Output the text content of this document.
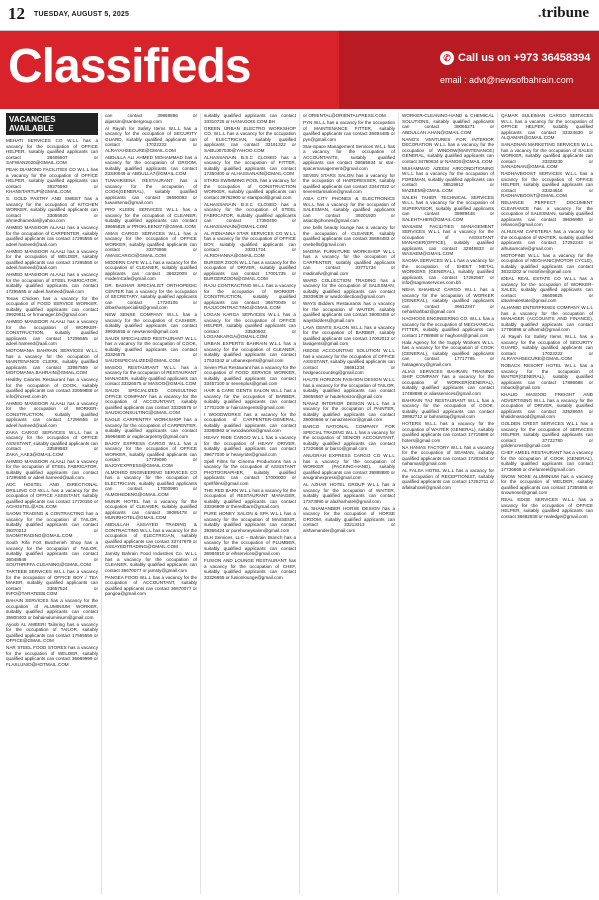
12 TUESDAY, AUGUST 5, 2025	.tribune
Classifieds	✆ Call us on +973 36458394
email : advt@newsofbahrain.com
VACANCIES AVAILABLE

MEHATI SERVICES CO W.L.L has a vacancy for the occupation of OFFICE HELPER, suitably qualified applicants can contact 38405507 or SAFWAN2020@GMAIL.COM

PEAK DIAMOND FACILITIES CO W.L.L has a vacancy for the occupation of OFFICE HELPER, suitably qualified applicants can contact 39375593 or KHANSTARTUP@GMAIL.COM

S. GOLD PASTRY AND SWEET has a vacancy for the occupation of KITCHEN WORKER, suitably qualified applicants can contact 33055920 or ahmedhamedal@yahoo.com

AHMED MANSOOR ALAALI has a vacancy for the occupation of CARPENTER, suitably qualified applicants can contact 17295555 or adeel.hameed@aali.com

AHMED MANSOOR ALAALI has a vacancy for the occupation of WELDER, suitably qualified applicants can contact 17295555 or adeel.hameed@aali.com

AHMED MANSOOR ALAALI has a vacancy for the occupation of STEEL FABRICATOR, suitably qualified applicants can contact 17295555 or adeel.hameed@aali.com

Texas Chicken has a vacancy for the occupation of FOOD SERVICE WORKER, suitably qualified applicants can contact 39929911 or hrmanager.bh@gmail.com

AHMED MANSOOR ALAALI has a vacancy for the occupation of WORKER-CONSTRUCTION, suitably qualified applicants can contact 17295555 or adeel.hameed@aali.com

MOTOMANIA BAHRAIN SERVICES W.L.L has a vacancy for the occupation of MAINTENANCE CLERK, suitably qualified applicants can contact 33987559 or MOTOMANIA.BAHRAIN@GMAIL.COM

Healthy Calories Restaurant has a vacancy for the occupation of COOK, suitably qualified applicants can contact 33959888 or info@hcrest.com.bh

AHMED MANSOOR ALAALI has a vacancy for the occupation of WORKER-CONSTRUCTION, suitably qualified applicants can contact 17295555 or adeel.hameed@aali.com

ZAKA CARGO SERVICES W.L.L has a vacancy for the occupation of OFFICE ASSISTANT, suitably qualified applicants can contact 33599583 or ZAKA_AAE3@GMAIL.COM

AHMED MANSOOR ALAALI has a vacancy for the occupation of STEEL FABRICATOR, suitably qualified applicants can contact 17295555 or adeel.hameed@aali.com

ADC HOSTEL AND DIRECTIONAL DRILLING CO W.L.L has a vacancy for the occupation of OFFICE ASSISTANT, suitably qualified applicants can contact 17720150 or ACHOSTEL@AOL.COM

SAOMI TRADING & CONTRACTING has a vacancy for the occupation of TAILOR, suitably qualified applicants can contact 39370212 or SAOMITRADING@GMAIL.COM

South Rifa Fort Butcherieh Shop has a vacancy for the occupation of TAILOR, suitably qualified applicants can contact 36048949 or SOUTHRIFFA.CLEANING@GMAIL.COM

TARTEEB SERVICES W.L.L has a vacancy for the occupation of OFFICE BOY / TEA MAKER, suitably qualified applicants can contact 33657524 or INFO@TARATEEB.COM

BAHAIN SERVICES has a vacancy for the occupation of ALUMINIUM WORKER, suitably qualified applicants can contact 35800403 or bahainaluminium@gmail.com

Ayoob AL AMEERI Tailoring has a vacancy for the occupation of TAILOR, suitably qualified applicants can contact 17555555 or OFFICE@GMAIL.COM

NAR STEEL FOOD STORES has a vacancy for the occupation of WELDER, suitably qualified applicants can contact 36669999 or FLASLUNIO@HOTMAIL.COM

can contact 39868886 or aljassim@sanbergroup.com

Al Rayah for Safety Items W.L.L has a vacancy for the occupation of SECURITY GUARD, suitably qualified applicants can contact 17022222 or ALRAYAHSECURE@GMAIL.COM

ABDULLA ALI AHMED MOHAMMAD has a vacancy for the occupation of GROOM, suitably qualified applicants can contact 33340049 or ABDULLA7@GMAIL.COM

TUWAIRSENA RESTAURANT has a vacancy for the occupation of COOK(GENERAL), suitably qualified applicants can contact 36690093 or tuwairsena@gmail.com

PRO KLEEN SERVICES W.L.L has a vacancy for the occupation of CLEANER, suitably qualified applicants can contact 39665825 or PROKLEEN377@GMAIL.COM

AMAS CARGO SERVICES W.L.L has a vacancy for the occupation of OFFICE WORKER, suitably qualified applicants can contact 33376868 or AMASCARGO@GMAIL.COM

MODERN CAFE W.L.L has a vacancy for the occupation of CLEANER, suitably qualified applicants can contact 36622009 or modernCafe@gmail.com

DR. BASHAR SPECIALIST ORTHOPEDIC CENTER has a vacancy for the occupation of SECRETARY, suitably qualified applicants can contact 17720105 or drbasharspecialist@gmail.com

NEW SENSE COMPANY W.L.L has a vacancy for the occupation of CASHIER, suitably qualified applicants can contact 39935555 or newsense@gmail.com

SAUDI SPECIALIZED RESTAURANT W.L.L has a vacancy for the occupation of COOK, suitably qualified applicants can contact 33326575 or SAUDISPECIALIZED@GMAIL.COM

MASOO RESTAURANT W.L.L has a vacancy for the occupation of RESTAURANT MANAGER, suitably qualified applicants can contact 33326575 or MASOO@GMAIL.COM

SAUDI SPECIALIZED CONSULTING OFFICE COMPANY has a vacancy for the occupation of ACCOUNTANT, suitably qualified applicants can contact 33326575 or SAUDICONSULTING@GMAIL.COM

EAGLE CARPENTRY WORKSHOP has a vacancy for the occupation of CARPENTER, suitably qualified applicants can contact 36966680 or eaglecarpentry@gmail.com

BAJOY EXPRESS CARGO W.L.L has a vacancy for the occupation of OFFICE WORKER, suitably qualified applicants can contact 17739090 or BAJOYEXPRESS@GMAIL.COM

ALMOHED ENGINEERING SERVICES CO has a vacancy for the occupation of ELECTRICIAN, suitably qualified applicants can contact 17000990 or ALMOHEDENG@GMAIL.COM

MUNIR HOTEL has a vacancy for the occupation of CLEANER, suitably qualified applicants can contact 39085478 or MUNIRHOTEL@GMAIL.COM

ABDULLAH ASSAYED TRADING & CONTRACTING W.L.L has a vacancy for the occupation of ELECTRICIAN, suitably qualified applicants can contact 33747979 or ASSAYEDTRADING@GMAIL.COM

Jamsty Bahrain Food Industries Co. W.L.L has a vacancy for the occupation of CLEANER, suitably qualified applicants can contact 36670077 or jamsty@gmail.com

PANGEA FOOD W.L.L has a vacancy for the occupation of ACCOUNTANT, suitably qualified applicants can contact 36670077 or pangea@gmail.com

suitably qualified applicants can contact 33310725 or HANAGOIS.COM.BH

GREEN URBAN ELECTRO WORKSHOP CO. W.L.L has a vacancy for the occupation of ELECTRICIAN, suitably qualified applicants can contact 33161322 or SABUJ07030@YAHOO.COM

ALHASSANAIN B.S.C CLOSED has a vacancy for the occupation of FITTER, suitably qualified applicants can contact 17350400 or ALHASSANAIN@GMAIL.COM

STARS SWIMMING POOL has a vacancy for the occupation of CONSTRUCTION WORKER, suitably qualified applicants can contact 39762900 or starspool@gmail.com

ALHASSANAIN B.S.C CLOSED has a vacancy for the occupation of STEEL FABRICATOR, suitably qualified applicants can contact 17350400 or ALHASSANAIN@GMAIL.COM

AL RIDHANNA STAR SERVICES CO W.L.L has a vacancy for the occupation of OFFICE BOY, suitably qualified applicants can contact 33331724 or ALRIDHANNA@GMAIL.COM

BURGER ZOON W.L.L has a vacancy for the occupation of DRIVER, suitably qualified applicants can contact 17001735 or BURGERZOON@GMAIL.COM

RAJU CONTRACTING W.L.L has a vacancy for the occupation of WORKER-CONSTRUCTION, suitably qualified applicants can contact 36670049 or RAJUCONTRACTING@GMAIL.COM

LOGAN KARGA SERVICES W.L.L has a vacancy for the occupation of OFFICE HELPER, suitably qualified applicants can contact 33530502 or LOGANKARGA@GMAIL.COM

URBAN EXPERTS BAHRAIN W.L.L has a vacancy for the occupation of CLEANER, suitably qualified applicants can contact 17534342 or urbanexperts@gmail.com

Seven Plus Restaurant has a vacancy for the occupation of FOOD SERVICE WORKER, suitably qualified applicants can contact 33457100 or sevenplus@gmail.com

HAIR & CARE GENTS SALON W.L.L has a vacancy for the occupation of BARBER, suitably qualified applicants can contact 17702109 or haircaregents@gmail.com

I WOODWORKS has a vacancy for the occupation of CARPENTER-GENERAL, suitably qualified applicants can contact 33388962 or iwoodworks@gmail.com

HEAVY RIDE CARGO W.L.L has a vacancy for the occupation of HEAVY DRIVER, suitably qualified applicants can contact 39677030 or heavyride@gmail.com

Spell Films for Cinema Productions has a vacancy for the occupation of ASSISTANT PHOTOGRAPHER, suitably qualified applicants can contact 17000000 or spellfilms@gmail.com

THE RED BARN W.L.L has a vacancy for the occupation of RESTAURANT MANAGER, suitably qualified applicants can contact 33336909 or theredbarn@gmail.com

PURE HONEY SALON & SPA W.L.L has a vacancy for the occupation of MASSEUR, suitably qualified applicants can contact 39366424 or purehoneysalon@gmail.com

ELH Services, LLC – Bahrain Branch has a vacancy for the occupation of PLUMBER, suitably qualified applicants can contact 36984810 or elhservices@gmail.com

FUSION AND LOUNGE RESTAURANT has a vacancy for the occupation of CHEF, suitably qualified applicants can contact 33326655 or fusionlounge@gmail.com

or ORIENTAL@ORIENTALPRESS.COM

PYN W.L.L has a vacancy for the occupation of MAINTENANCE FITTER, suitably qualified applicants can contact 36694485 or pyn@gmail.com

Star-Space Management Services W.L.L has a vacancy for the occupation of ACCOUNTANTS, suitably qualified applicants can contact 36665834 or star-spacemanagement@gmail.com

SEVEN STARS SALON has a vacancy for the occupation of HAIRDRESSER, suitably qualified applicants can contact 33447022 or sevenstarssalon@gmail.com

ASIA CITY PHONES & ELECTRONICS W.L.L has a vacancy for the occupation of SALESMAN, suitably qualified applicants can contact 39201920 or asiacityphones@gmail.com

one bells beauty lounge has a vacancy for the occupation of CLEANER, suitably qualified applicants can contact 36694483 or onebells@gmail.com

MADINA FURNITURE WORKSHOP W.L.L has a vacancy for the occupation of CARPENTER, suitably qualified applicants can contact 33771734 or madinafw@gmail.com

WARD COLLECTION TRADING has a vacancy for the occupation of SALESMAN, suitably qualified applicants can contact 39339639 or wardcollection@gmail.com

WAYS Bidders Restaurants has a vacancy for the occupation of WAITER, suitably qualified applicants can contact 39000456 or waysbidders@gmail.com

LAVA GENTS SALON W.L.L has a vacancy for the occupation of BARBER, suitably qualified applicants can contact 17002013 or lavagents@gmail.com

HEDGE ACCOUNTING SOLUTION W.L.L has a vacancy for the occupation of OFFICE ASSISTANT, suitably qualified applicants can contact 36691234 or hedgeaccounting@gmail.com

HAUTE HORIZON FASHION DESIGN W.L.L has a vacancy for the occupation of TAILOR, suitably qualified applicants can contact 36655567 or hautehorizon@gmail.com

NANAZ INTERIOR DESIGN W.L.L has a vacancy for the occupation of PAINTER, suitably qualified applicants can contact 39006666 or nanazinterior@gmail.com

BARCO NATIONAL COMPANY FOR SPECIAL TRADING W.L.L has a vacancy for the occupation of SENIOR ACCOUNTANT, suitably qualified applicants can contact 17226666 or barco@gmail.com

ANUGRAH EXPRESS CARGO CO W.L.L has a vacancy for the occupation of WORKER (PACKING-HAND), suitably qualified applicants can contact 39888880 or anugrahexpress@gmail.com

AL AZHAR HOTEL GROUP W.L.L has a vacancy for the occupation of WAITER, suitably qualified applicants can contact 17373990 or alazharhotel@gmail.com

AL SHAMANDER HORSE DESIGN has a vacancy for the occupation of HORSE GROOM, suitably qualified applicants can contact 33213313 or alshamander@gmail.com

WORKER-CLEANING-HAND & CHEMICAL SOLUTIONS, suitably qualified applicants can contact 39065271 or ABDULLAH.AHAN@GMAIL.COM

NANO'S VENTURES FOR INTERIOR DECORATION W.L.L has a vacancy for the occupation of WINDOW(MAINTENANCE) GENERAL, suitably qualified applicants can contact 34750634 or NANOS@GMAIL.COM

MUHAMMAD AZEEM AIRCONDITIONING W.L.L has a vacancy for the occupation of FOREMAN, suitably qualified applicants can contact 38519612 or MAZEEM@GMAIL.COM

SALEH TAHER TECHNICAL SERVICES W.L.L has a vacancy for the occupation of SUPERVISOR, suitably qualified applicants can contact 35989448 or SALEHTAHER@GMAIL.COM

WASAEM FACILITIES MANAGEMENT SERVICES W.L.L has a vacancy for the occupation of ASSISTANT MANAGER(OFFICE), suitably qualified applicants can contact 32849833 or WASAEM@GMAIL.COM

SAGMA SERVICES W.L.L has a vacancy for the occupation of SHEET METAL WORKERS (GENERAL), suitably qualified applicants can contact 17282567 or info@sagmaservices.com.bh

NEHA SHAHBAZ CARGO W.L.L has a vacancy for the occupation of WORKER (GENERAL), suitably qualified applicants can contact 36612347 or nehashahbaz@gmail.com

HAGHOOS ENGINEERING CO. W.L.L has a vacancy for the occupation of MECHANICAL FITTER, suitably qualified applicants can contact 17788888 or haghoos@gmail.com

Hala Agency for the Supply Workers W.L.L has a vacancy for the occupation of COOK (GENERAL), suitably qualified applicants can contact 17717795 or halaagency@gmail.com

ALIAS SERVICES BAHRAIN TRAINING SHIP COMPANY has a vacancy for the occupation of WORKER(GENERAL), suitably qualified applicants can contact 17488888 or aliasservices@gmail.com

BAHRAIN TAJ RESTAURANT W.L.L has a vacancy for the occupation of COOK, suitably qualified applicants can contact 39992712 or bahraintaj@gmail.com

HOTERS W.L.L has a vacancy for the occupation of WAITER (GENERAL), suitably qualified applicants can contact 17715888 or hoters@gmail.com

NA HAMAS FACTORY W.L.L has a vacancy for the occupation of SEAMAN, suitably qualified applicants can contact 17203444 or nahamas@gmail.com

AL FALSA HOTEL W.L.L has a vacancy for the occupation of RECEPTIONIST, suitably qualified applicants can contact 17252711 or alfalsahotel@gmail.com

QAMAR SULEIMAN CARGO SERVICES W.L.L has a vacancy for the occupation of OFFICE HELPER, suitably qualified applicants can contact 33324630 or ALQAMAR@GMAIL.COM

SANADNAN MARKETING SERVICES W.L.L has a vacancy for the occupation of SALES WORKER, suitably qualified applicants can contact 33328230 or SANADNAN@GMAIL.COM

RADHAVBOOST SERVICES W.L.L has a vacancy for the occupation of OFFICE HELPER, suitably qualified applicants can contact 33324616 or RADHAVBOOST@GMAIL.COM

RELIANCE PERFECT DOCUMENT CLEARANCE has a vacancy for the occupation of SALESMAN, suitably qualified applicants can contact 39636990 or reliance@gmail.com

ALHUSAM CAFETERIA has a vacancy for the occupation of WAITER, suitably qualified applicants can contact 17252243 or alhusamcafe@gmail.com

MOTOFINE W.L.L has a vacancy for the occupation of MECHANIC(MOTOR CYCLE), suitably qualified applicants can contact 36323202 or motofine@gmail.com

IDEAL REAL ESTATE CO W.L.L has a vacancy for the occupation of WORKER-SALES, suitably qualified applicants can contact 36609825 or idealrealestate@gmail.com

ALHAMID ENTERPRISES COMPANY W.L.L has a vacancy for the occupation of MANAGER (ACCOUNTS AND FINANCE), suitably qualified applicants can contact 17786898 or alhamid@gmail.com

Al Rayah for Safety Items W.L.L has a vacancy for the occupation of SECURITY GUARD, suitably qualified applicants can contact 17022222 or ALRAYAHSECURE@GMAIL.COM

ROBACK RESORT HOTEL W.L.L has a vacancy for the occupation of WAITER(GENERAL), suitably qualified applicants can contact 17886688 or roback@gmail.com

KHALID MASOOD FREIGHT AND ADVERTISING W.L.L has a vacancy for the occupation of DRIVER, suitably qualified applicants can contact 33528604 or khalidmasood@gmail.com

GOLDEN CREST SERVICES W.L.L has a vacancy for the occupation of SERVICES HELPER, suitably qualified applicants can contact 37722780 or goldencrest@gmail.com

CHEF AMEEL RESTAURANT has a vacancy for the occupation of COOK (GENERAL), suitably qualified applicants can contact 17736669 or chefameel@gmail.com

SNOW NOSE ALUMINIUM has a vacancy for the occupation of WELDER, suitably qualified applicants can contact 17355555 or snownose@gmail.com

REAL EDGE SERVICES W.L.L has a vacancy for the occupation of OFFICE HELPER, suitably qualified applicants can contact 36682838 or realedge@gmail.com
